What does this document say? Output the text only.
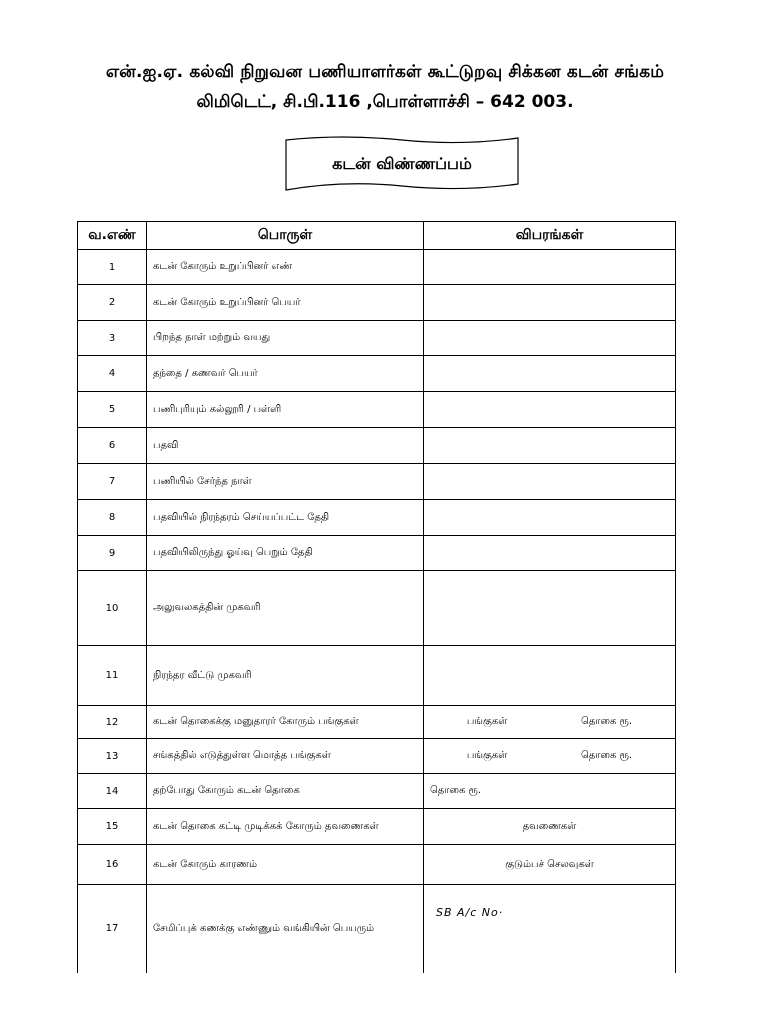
என்.ஐ.ஏ. கல்வி நிறுவன பணியாளர்கள் கூட்டுறவு சிக்கன கடன் சங்கம்
லிமிடெட், சி.பி.116 ,பொள்ளாச்சி – 642 003.
கடன் விண்ணப்பம்
வ.எண்	பொருள்	விபரங்கள்
1	கடன் கோரும் உறுப்பினர் எண்	
2	கடன் கோரும் உறுப்பினர் பெயர்	
3	பிறந்த நாள் மற்றும் வயது	
4	தந்தை / கணவர் பெயர்	
5	பணிபுரியும் கல்லூரி / பள்ளி	
6	பதவி	
7	பணியில் சேர்ந்த நாள்	
8	பதவியில் நிரந்தரம் செய்யப்பட்ட தேதி	
9	பதவியிலிருந்து ஓய்வு பெறும் தேதி	
10	அலுவலகத்தின் முகவரி	
11	நிரந்தர வீட்டு முகவரி	
12	கடன் தொகைக்கு மனுதாரர் கோரும் பங்குகள்	பங்குகள் தொகை ரூ.

13	சங்கத்தில் எடுத்துள்ள மொத்த பங்குகள்	பங்குகள் தொகை ரூ.

14	தற்போது கோரும் கடன் தொகை	தொகை ரூ.
15	கடன் தொகை கட்டி முடிக்கக் கோரும் தவணைகள்	தவணைகள்
16	கடன் கோரும் காரணம்	குடும்பச் செலவுகள்
17	சேமிப்புக் கணக்கு எண்ணும் வங்கியின் பெயரும்	SB A/c No·
